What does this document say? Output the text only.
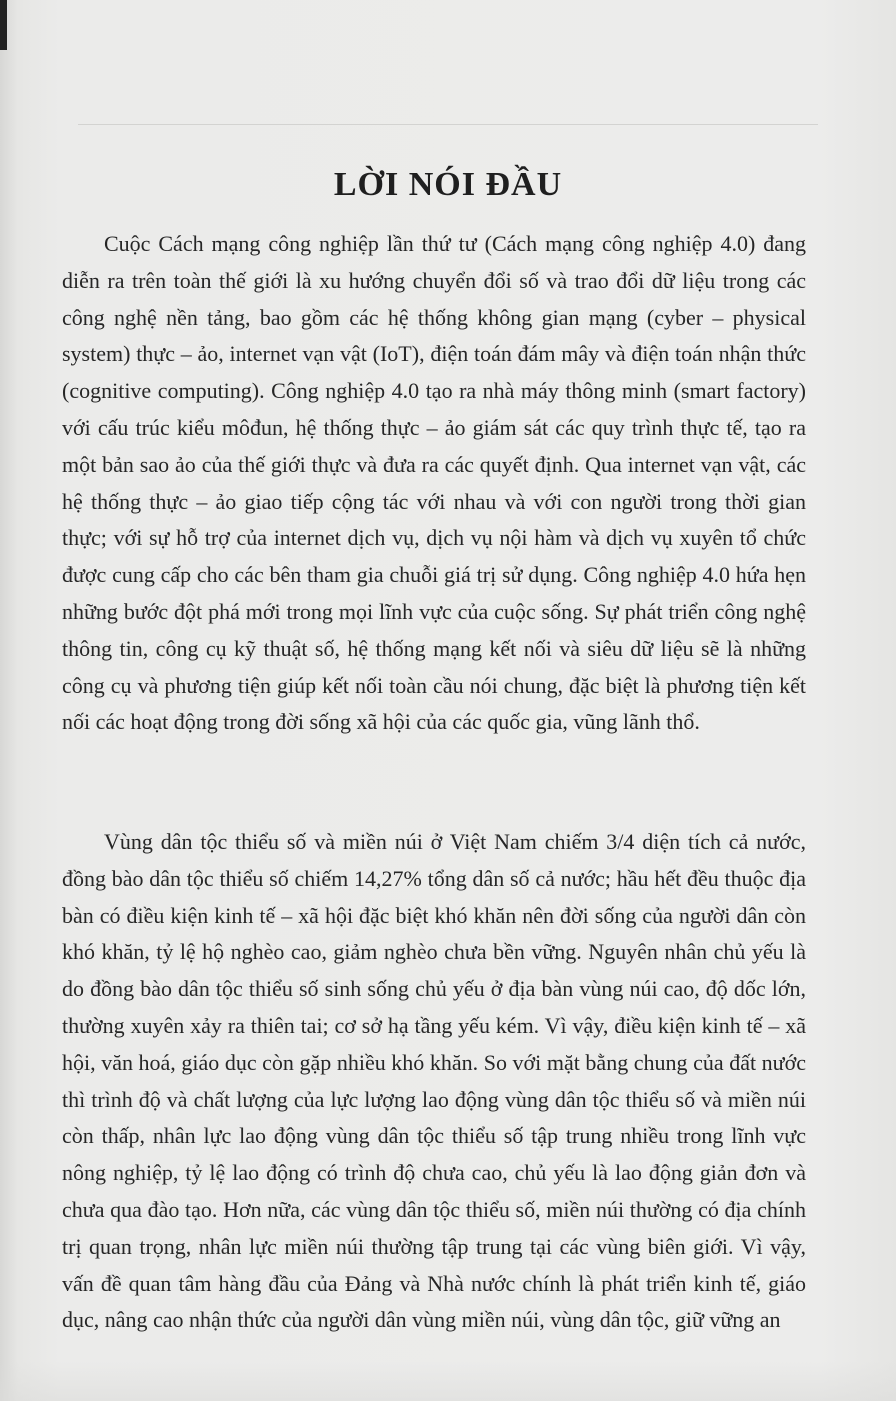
LỜI NÓI ĐẦU

Cuộc Cách mạng công nghiệp lần thứ tư (Cách mạng công nghiệp 4.0) đang diễn ra trên toàn thế giới là xu hướng chuyển đổi số và trao đổi dữ liệu trong các công nghệ nền tảng, bao gồm các hệ thống không gian mạng (cyber – physical system) thực – ảo, internet vạn vật (IoT), điện toán đám mây và điện toán nhận thức (cognitive computing). Công nghiệp 4.0 tạo ra nhà máy thông minh (smart factory) với cấu trúc kiểu môđun, hệ thống thực – ảo giám sát các quy trình thực tế, tạo ra một bản sao ảo của thế giới thực và đưa ra các quyết định. Qua internet vạn vật, các hệ thống thực – ảo giao tiếp cộng tác với nhau và với con người trong thời gian thực; với sự hỗ trợ của internet dịch vụ, dịch vụ nội hàm và dịch vụ xuyên tổ chức được cung cấp cho các bên tham gia chuỗi giá trị sử dụng. Công nghiệp 4.0 hứa hẹn những bước đột phá mới trong mọi lĩnh vực của cuộc sống. Sự phát triển công nghệ thông tin, công cụ kỹ thuật số, hệ thống mạng kết nối và siêu dữ liệu sẽ là những công cụ và phương tiện giúp kết nối toàn cầu nói chung, đặc biệt là phương tiện kết nối các hoạt động trong đời sống xã hội của các quốc gia, vũng lãnh thổ.

Vùng dân tộc thiểu số và miền núi ở Việt Nam chiếm 3/4 diện tích cả nước, đồng bào dân tộc thiểu số chiếm 14,27% tổng dân số cả nước; hầu hết đều thuộc địa bàn có điều kiện kinh tế – xã hội đặc biệt khó khăn nên đời sống của người dân còn khó khăn, tỷ lệ hộ nghèo cao, giảm nghèo chưa bền vững. Nguyên nhân chủ yếu là do đồng bào dân tộc thiểu số sinh sống chủ yếu ở địa bàn vùng núi cao, độ dốc lớn, thường xuyên xảy ra thiên tai; cơ sở hạ tầng yếu kém. Vì vậy, điều kiện kinh tế – xã hội, văn hoá, giáo dục còn gặp nhiều khó khăn. So với mặt bằng chung của đất nước thì trình độ và chất lượng của lực lượng lao động vùng dân tộc thiểu số và miền núi còn thấp, nhân lực lao động vùng dân tộc thiểu số tập trung nhiều trong lĩnh vực nông nghiệp, tỷ lệ lao động có trình độ chưa cao, chủ yếu là lao động giản đơn và chưa qua đào tạo. Hơn nữa, các vùng dân tộc thiểu số, miền núi thường có địa chính trị quan trọng, nhân lực miền núi thường tập trung tại các vùng biên giới. Vì vậy, vấn đề quan tâm hàng đầu của Đảng và Nhà nước chính là phát triển kinh tế, giáo dục, nâng cao nhận thức của người dân vùng miền núi, vùng dân tộc, giữ vững an
